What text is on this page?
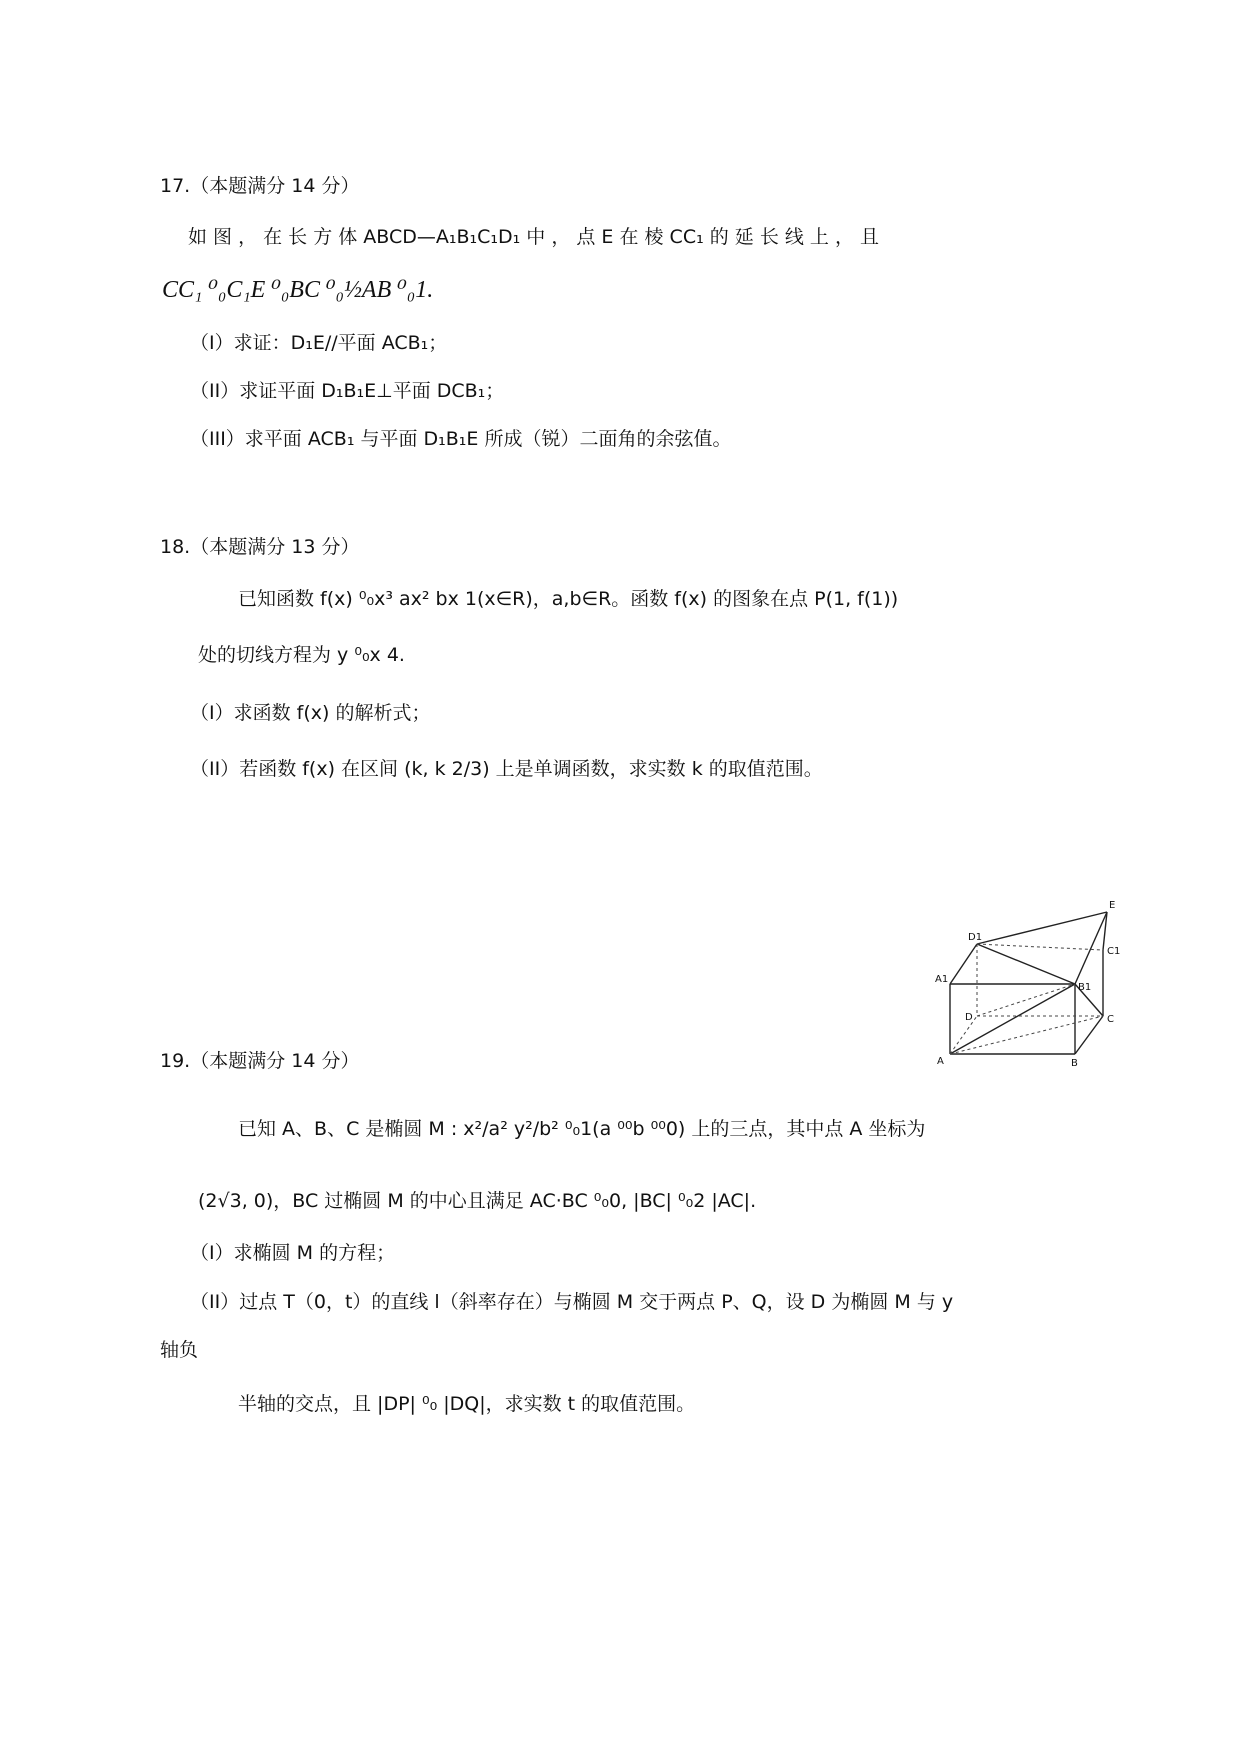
17.（本题满分 14 分）
如 图 ， 在 长 方 体 ABCD—A₁B₁C₁D₁ 中 ， 点 E 在 棱 CC₁ 的 延 长 线 上 ， 且
CC₁ ⁰₀C₁E ⁰₀BC ⁰₀½AB ⁰₀1.
（I）求证：D₁E//平面 ACB₁；
（II）求证平面 D₁B₁E⊥平面 DCB₁；
（III）求平面 ACB₁ 与平面 D₁B₁E 所成（锐）二面角的余弦值。
18.（本题满分 13 分）
已知函数 f(x) ⁰₀x³ ax² bx 1(x∈R)，a,b∈R。函数 f(x) 的图象在点 P(1, f(1))
处的切线方程为 y ⁰₀x 4.
（I）求函数 f(x) 的解析式；
（II）若函数 f(x) 在区间 (k, k 2/3) 上是单调函数，求实数 k 的取值范围。
E
D1
C1
A1
B1
D	C
A	B
19.（本题满分 14 分）
已知 A、B、C 是椭圆 M : x²/a² y²/b² ⁰₀1(a ⁰⁰b ⁰⁰0) 上的三点，其中点 A 坐标为
(2√3, 0)，BC 过椭圆 M 的中心且满足 AC·BC ⁰₀0, |BC| ⁰₀2 |AC|.
（I）求椭圆 M 的方程；
（II）过点 T（0，t）的直线 l（斜率存在）与椭圆 M 交于两点 P、Q，设 D 为椭圆 M 与 y
轴负
半轴的交点，且 |DP| ⁰₀ |DQ|，求实数 t 的取值范围。
